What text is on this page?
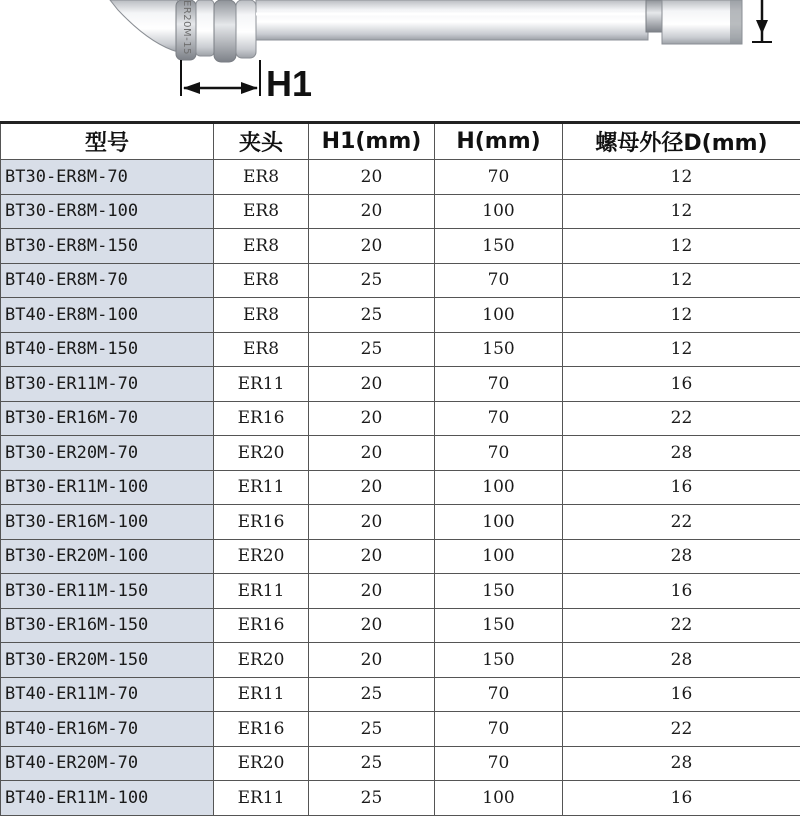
ER20M-15
H1
型号	夹头	H1(mm)	H(mm)	螺母外径D(mm)
BT30-ER8M-70	ER8	20	70	12
BT30-ER8M-100	ER8	20	100	12
BT30-ER8M-150	ER8	20	150	12
BT40-ER8M-70	ER8	25	70	12
BT40-ER8M-100	ER8	25	100	12
BT40-ER8M-150	ER8	25	150	12
BT30-ER11M-70	ER11	20	70	16
BT30-ER16M-70	ER16	20	70	22
BT30-ER20M-70	ER20	20	70	28
BT30-ER11M-100	ER11	20	100	16
BT30-ER16M-100	ER16	20	100	22
BT30-ER20M-100	ER20	20	100	28
BT30-ER11M-150	ER11	20	150	16
BT30-ER16M-150	ER16	20	150	22
BT30-ER20M-150	ER20	20	150	28
BT40-ER11M-70	ER11	25	70	16
BT40-ER16M-70	ER16	25	70	22
BT40-ER20M-70	ER20	25	70	28
BT40-ER11M-100	ER11	25	100	16
